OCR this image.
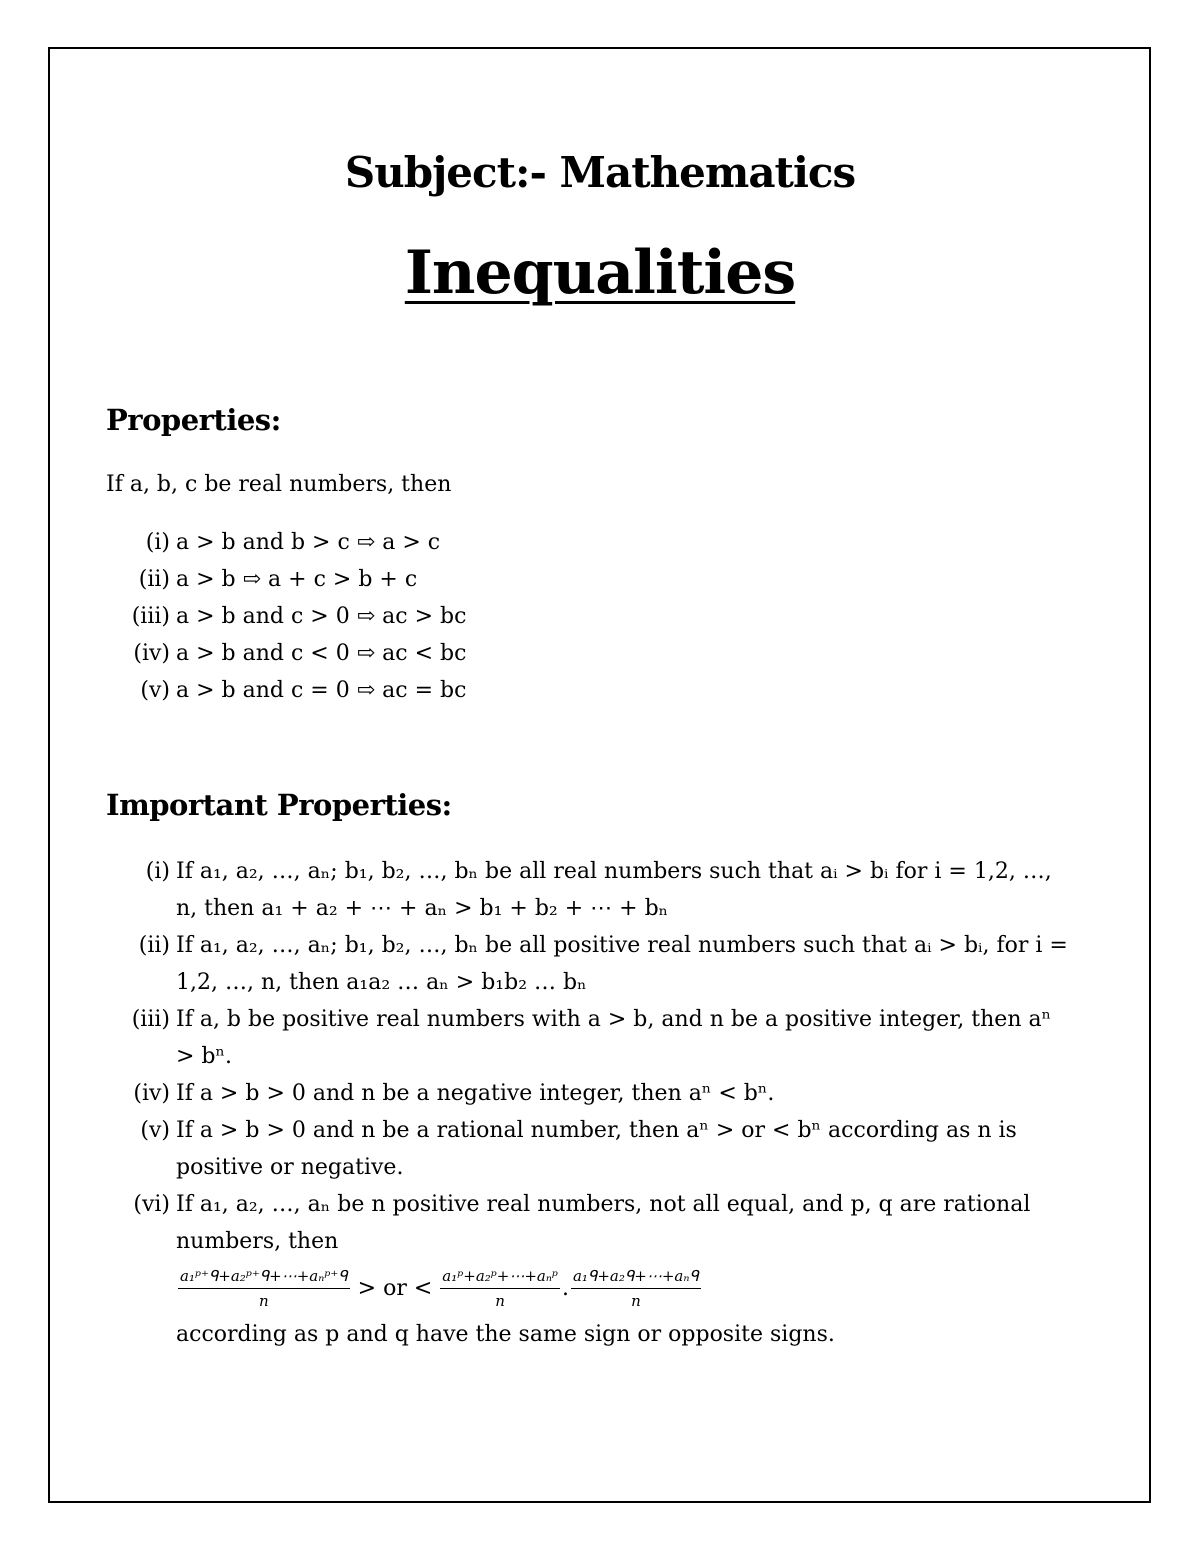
Subject:- Mathematics
Inequalities
Properties:
If a, b, c be real numbers, then
(i) a > b and b > c ⇨ a > c
(ii) a > b ⇨ a + c > b + c
(iii) a > b and c > 0 ⇨ ac > bc
(iv) a > b and c < 0 ⇨ ac < bc
(v) a > b and c = 0 ⇨ ac = bc
Important Properties:
(i) If a₁, a₂, …, aₙ; b₁, b₂, …, bₙ be all real numbers such that aᵢ > bᵢ for i = 1,2, …, n, then a₁ + a₂ + ⋯ + aₙ > b₁ + b₂ + ⋯ + bₙ
(ii) If a₁, a₂, …, aₙ; b₁, b₂, …, bₙ be all positive real numbers such that aᵢ > bᵢ, for i = 1,2, …, n, then a₁a₂ … aₙ > b₁b₂ … bₙ
(iii) If a, b be positive real numbers with a > b, and n be a positive integer, then aⁿ > bⁿ.
(iv) If a > b > 0 and n be a negative integer, then aⁿ < bⁿ.
(v) If a > b > 0 and n be a rational number, then aⁿ > or < bⁿ according as n is positive or negative.
(vi) If a₁, a₂, …, aₙ be n positive real numbers, not all equal, and p, q are rational numbers, then
$\frac{\text{a₁ᵖ⁺ᑫ+a₂ᵖ⁺ᑫ+⋯+aₙᵖ⁺ᑫ}}{n}$ > or < $\frac{\text{a₁ᵖ+a₂ᵖ+⋯+aₙᵖ}}{n}$ . $\frac{\text{a₁ᑫ+a₂ᑫ+⋯+aₙᑫ}}{n}$
according as p and q have the same sign or opposite signs.
